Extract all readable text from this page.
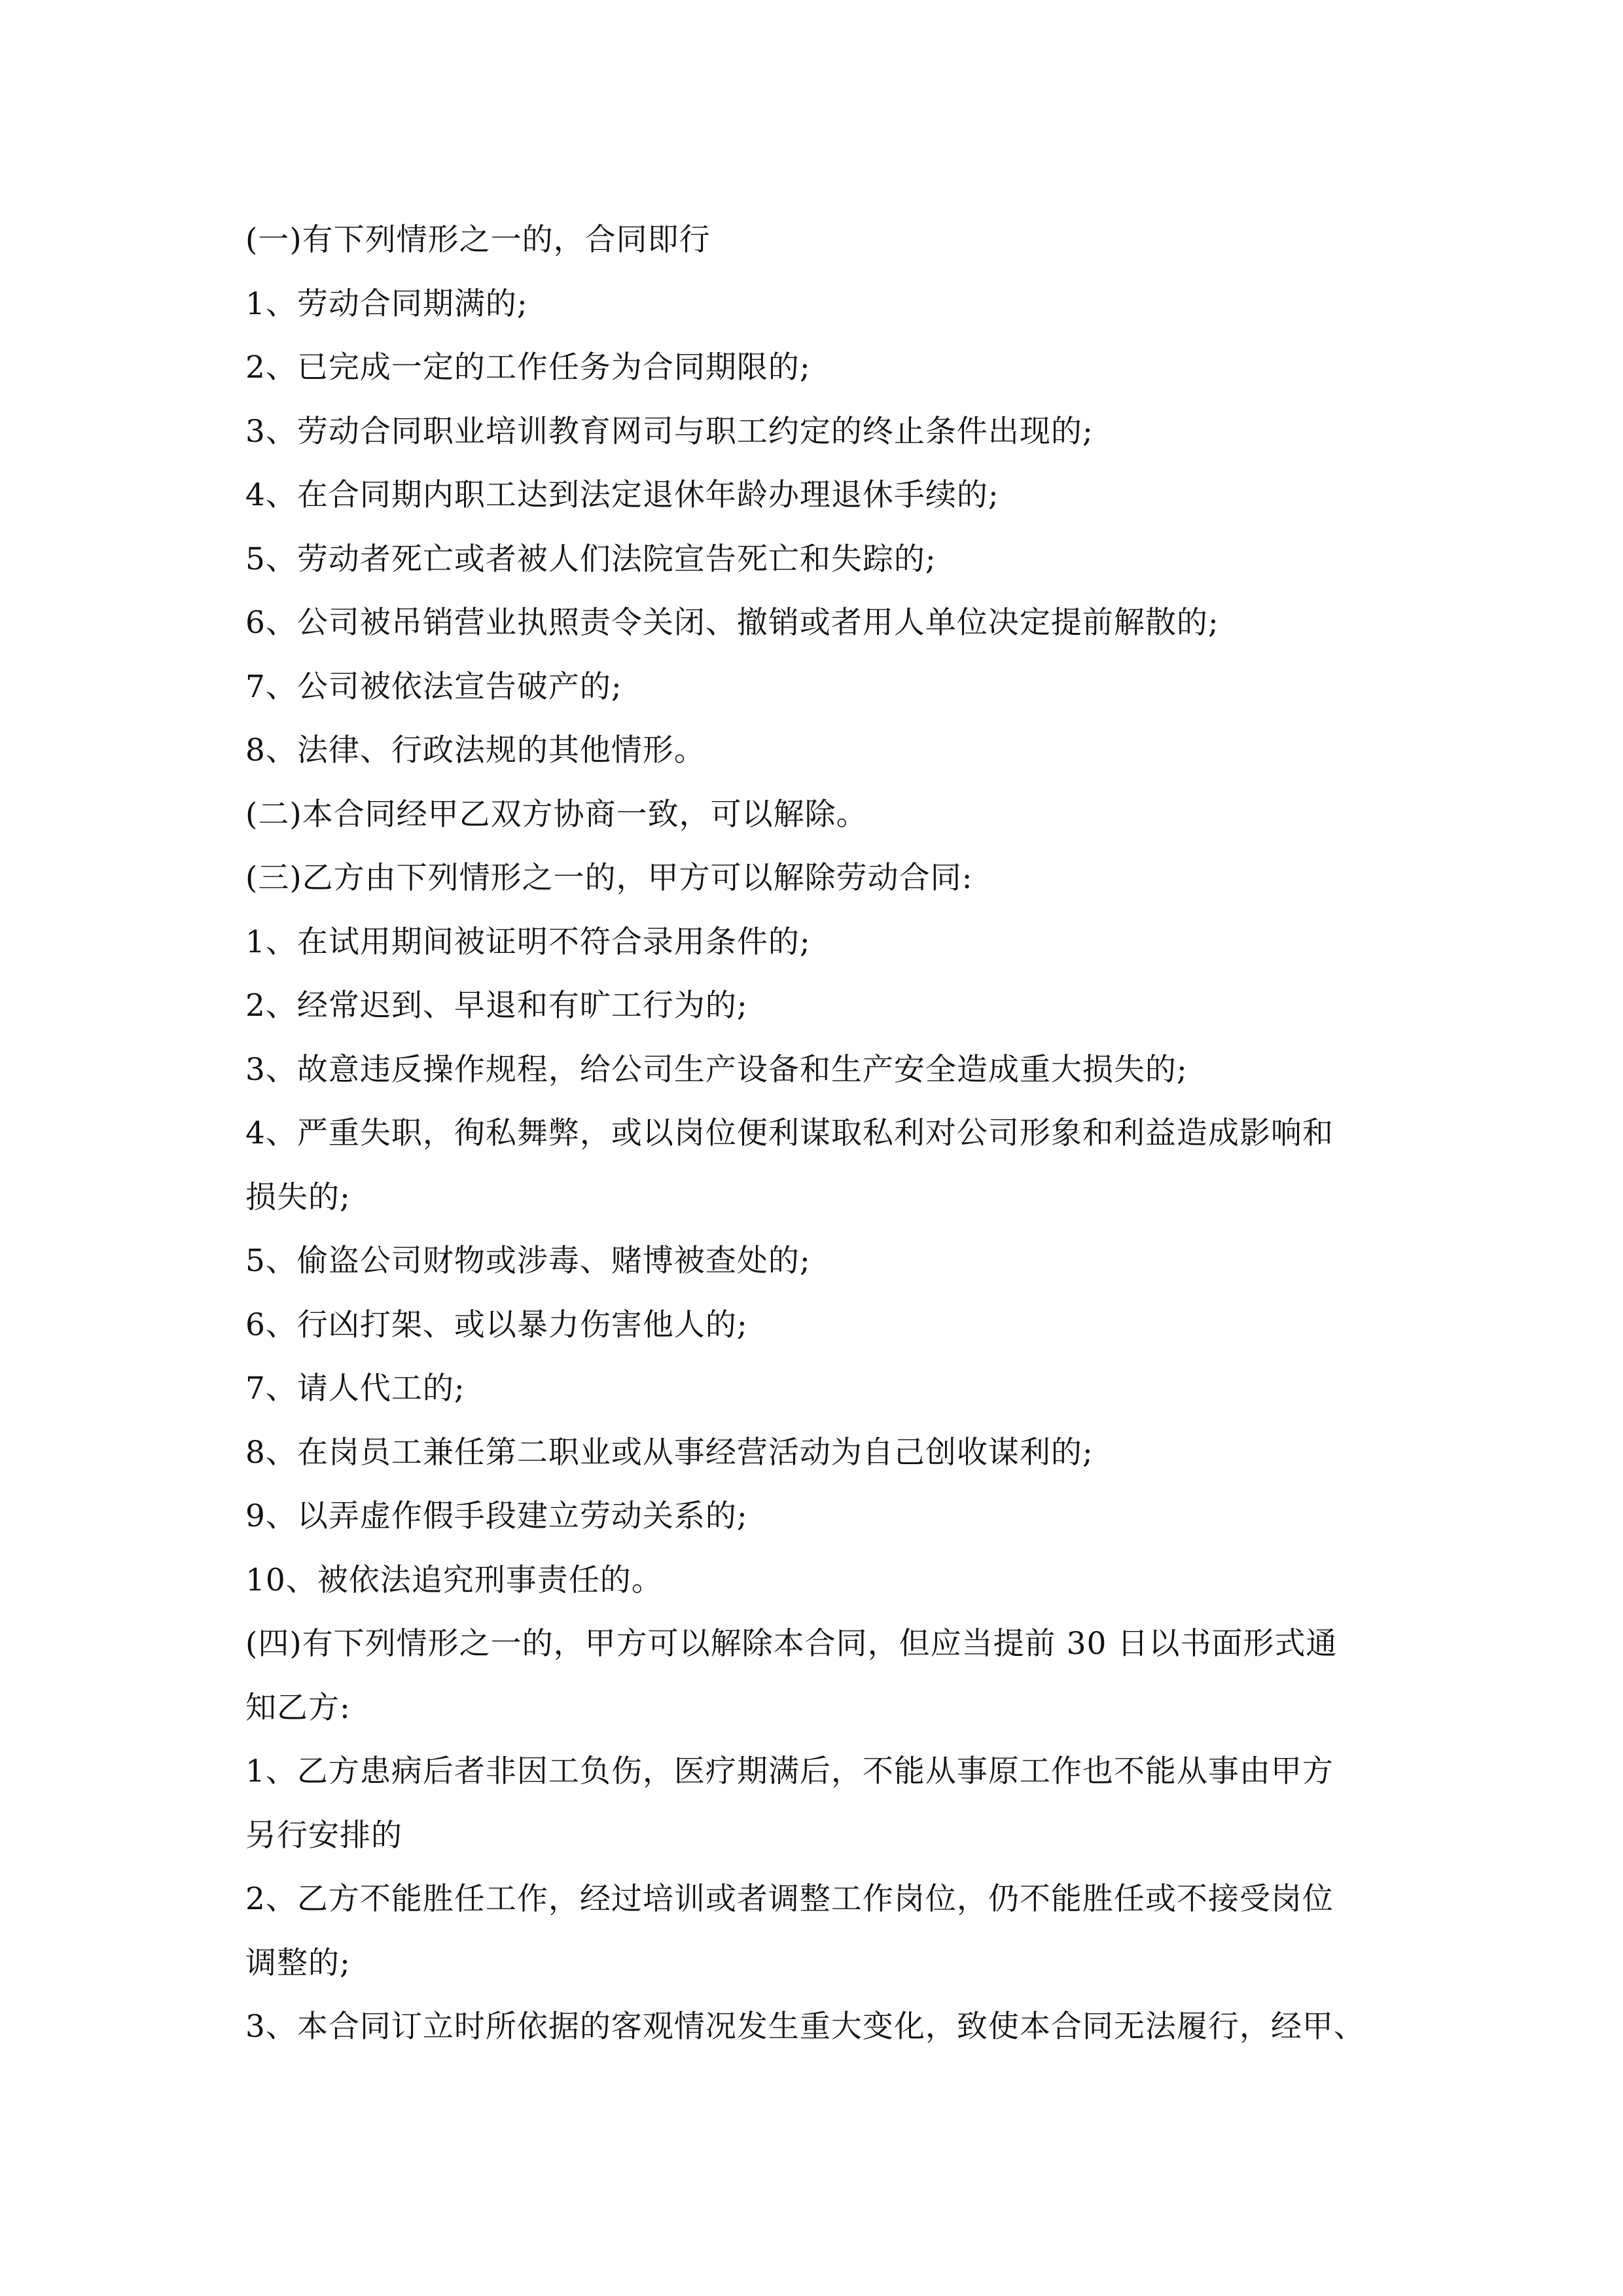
(一)有下列情形之一的，合同即行
1、劳动合同期满的;
2、已完成一定的工作任务为合同期限的;
3、劳动合同职业培训教育网司与职工约定的终止条件出现的;
4、在合同期内职工达到法定退休年龄办理退休手续的;
5、劳动者死亡或者被人们法院宣告死亡和失踪的;
6、公司被吊销营业执照责令关闭、撤销或者用人单位决定提前解散的;
7、公司被依法宣告破产的;
8、法律、行政法规的其他情形。
(二)本合同经甲乙双方协商一致，可以解除。
(三)乙方由下列情形之一的，甲方可以解除劳动合同:
1、在试用期间被证明不符合录用条件的;
2、经常迟到、早退和有旷工行为的;
3、故意违反操作规程，给公司生产设备和生产安全造成重大损失的;
4、严重失职，徇私舞弊，或以岗位便利谋取私利对公司形象和利益造成影响和
损失的;
5、偷盗公司财物或涉毒、赌博被查处的;
6、行凶打架、或以暴力伤害他人的;
7、请人代工的;
8、在岗员工兼任第二职业或从事经营活动为自己创收谋利的;
9、以弄虚作假手段建立劳动关系的;
10、被依法追究刑事责任的。
(四)有下列情形之一的，甲方可以解除本合同，但应当提前 30 日以书面形式通
知乙方:
1、乙方患病后者非因工负伤，医疗期满后，不能从事原工作也不能从事由甲方
另行安排的
2、乙方不能胜任工作，经过培训或者调整工作岗位，仍不能胜任或不接受岗位
调整的;
3、本合同订立时所依据的客观情况发生重大变化，致使本合同无法履行，经甲、
